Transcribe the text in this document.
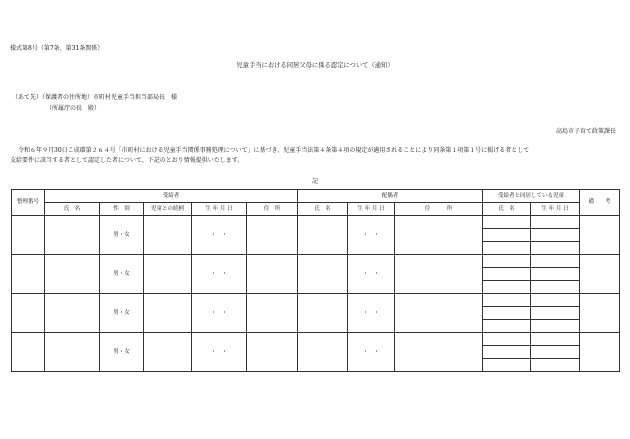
様式第8号（第7条、第31条関係）
児童手当における同居父母に係る認定について（通知）
（あて先）（保護者の住所地）市町村児童手当担当部局長　様
（所属庁の長　殿）
高島市子育て政策課長
令和６年９月30日こ成環第２６４号「市町村における児童手当関係事務処理について」に基づき、児童手当法第４条第４項の規定が適用されることにより同条第１項第１号に掲げる者として
支給要件に該当する者として認定した者について、下記のとおり情報提供いたします。
記
整理番号	受給者					配偶者			受給者と同居している児童		備　　考
	氏　名	性　別	児童との続柄	生 年 月 日	住　所	氏　名	生 年 月 日	住　　　所	氏　名	生 年 月 日	
		男・女		・　・			・　・				

		男・女		・　・			・　・				

		男・女		・　・			・　・				

		男・女		・　・			・　・				
